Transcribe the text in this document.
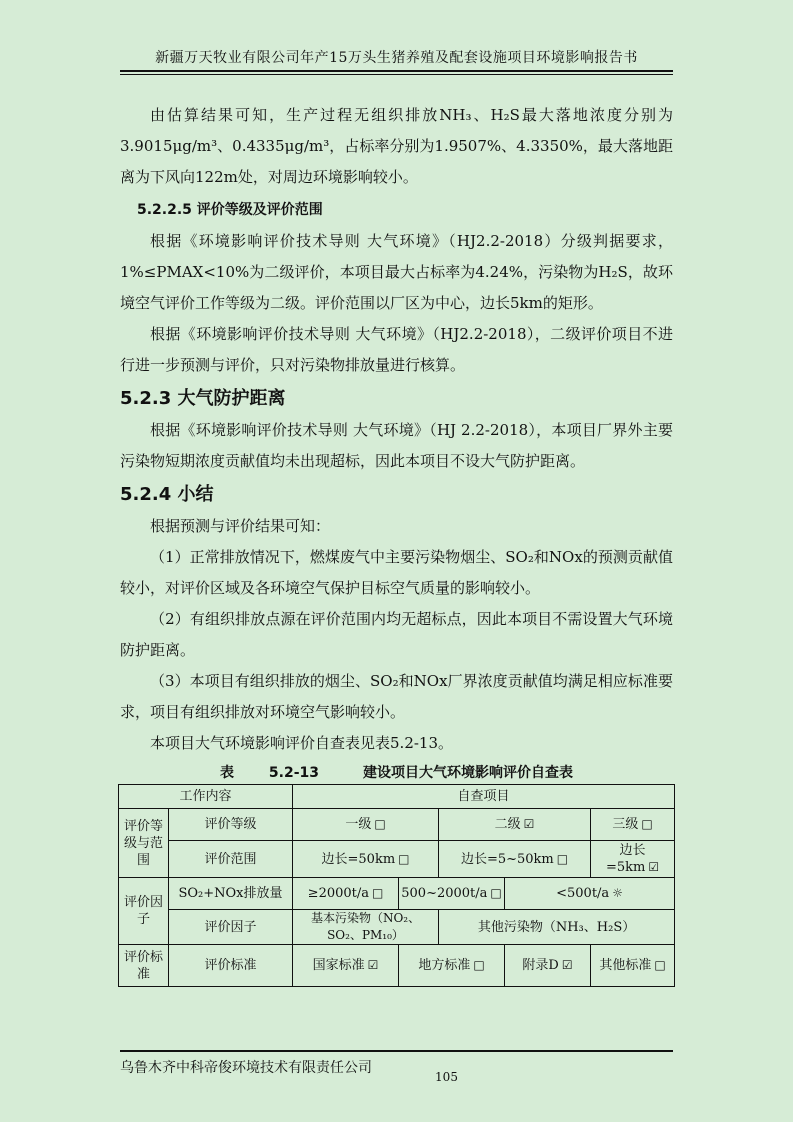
新疆万天牧业有限公司年产15万头生猪养殖及配套设施项目环境影响报告书

由估算结果可知，生产过程无组织排放NH₃、H₂S最大落地浓度分别为3.9015μg/m³、0.4335μg/m³，占标率分别为1.9507%、4.3350%，最大落地距离为下风向122m处，对周边环境影响较小。

5.2.2.5 评价等级及评价范围

根据《环境影响评价技术导则 大气环境》（HJ2.2-2018）分级判据要求，1%≤PMAX<10%为二级评价，本项目最大占标率为4.24%，污染物为H₂S，故环境空气评价工作等级为二级。评价范围以厂区为中心，边长5km的矩形。

根据《环境影响评价技术导则 大气环境》（HJ2.2-2018），二级评价项目不进行进一步预测与评价，只对污染物排放量进行核算。

5.2.3 大气防护距离

根据《环境影响评价技术导则 大气环境》（HJ 2.2-2018），本项目厂界外主要污染物短期浓度贡献值均未出现超标，因此本项目不设大气防护距离。

5.2.4 小结

根据预测与评价结果可知：

（1）正常排放情况下，燃煤废气中主要污染物烟尘、SO₂和NOx的预测贡献值较小，对评价区域及各环境空气保护目标空气质量的影响较小。

（2）有组织排放点源在评价范围内均无超标点，因此本项目不需设置大气环境防护距离。

（3）本项目有组织排放的烟尘、SO₂和NOx厂界浓度贡献值均满足相应标准要求，项目有组织排放对环境空气影响较小。

本项目大气环境影响评价自查表见表5.2-13。

表 5.2-13	建设项目大气环境影响评价自查表
工作内容		自查项目				
评价等级与范围	评价等级	一级 □		二级 ☑		三级 □
	评价范围	边长=50km □		边长=5~50km □		边长=5km ☑
评价因子	SO₂+NOx排放量	≥2000t/a □	500~2000t/a □		<500t/a ☼	
	评价因子	基本污染物（NO₂、SO₂、PM₁₀）		其他污染物（NH₃、H₂S）		
评价标准	评价标准	国家标准 ☑	地方标准 □		附录D ☑	其他标准 □
乌鲁木齐中科帝俊环境技术有限责任公司
105
